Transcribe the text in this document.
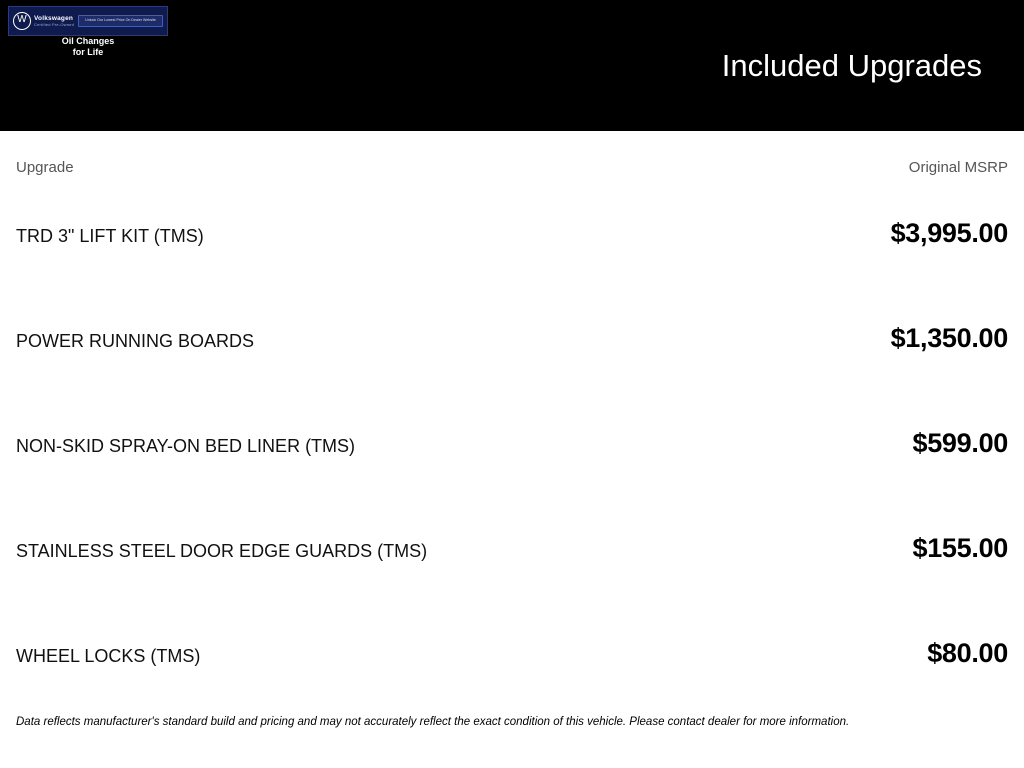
W
Volkswagen
Certified Pre-Owned
Unlock Our Lowest Price On Dealer Website
Oil Changes
for Life	Included Upgrades
Upgrade	Original MSRP
TRD 3" LIFT KIT (TMS)	$3,995.00
POWER RUNNING BOARDS	$1,350.00
NON-SKID SPRAY-ON BED LINER (TMS)	$599.00
STAINLESS STEEL DOOR EDGE GUARDS (TMS)	$155.00
WHEEL LOCKS (TMS)	$80.00
Data reflects manufacturer's standard build and pricing and may not accurately reflect the exact condition of this vehicle. Please contact dealer for more information.
